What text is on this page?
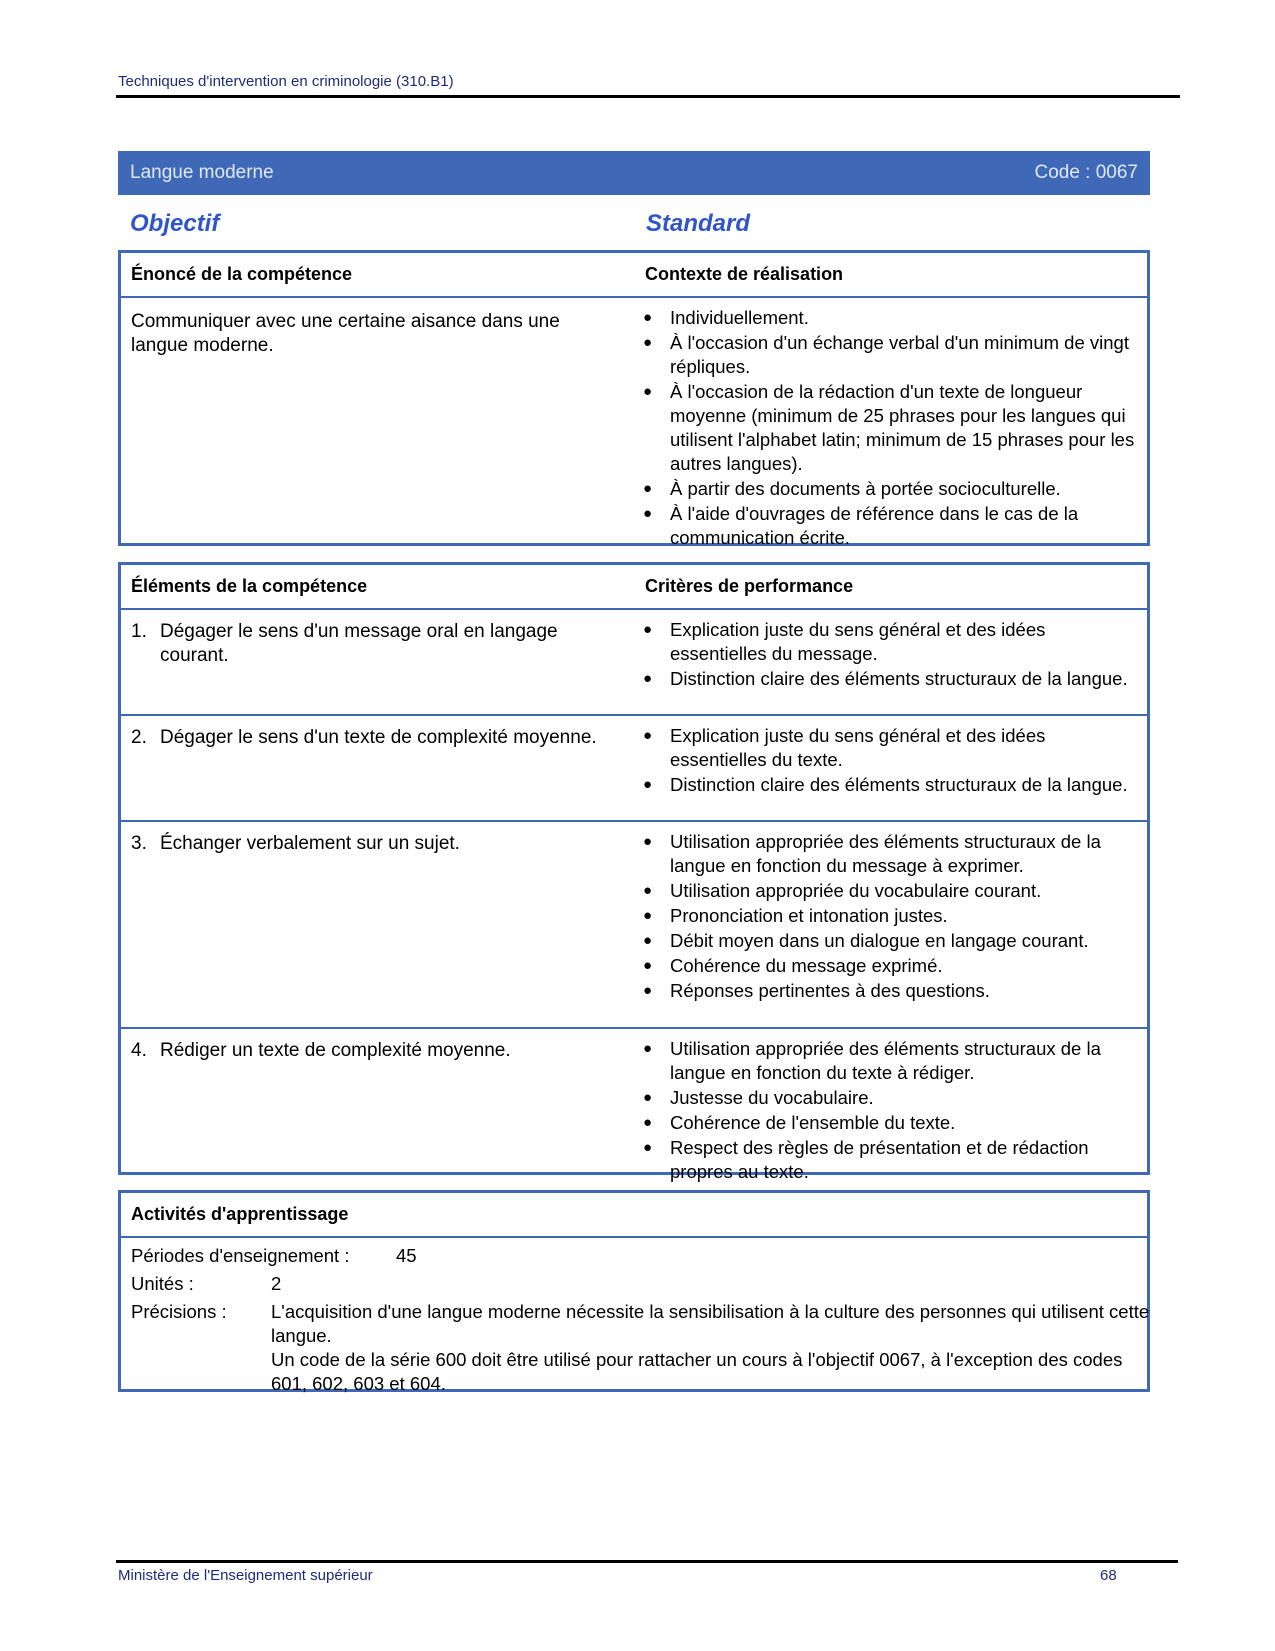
Techniques d'intervention en criminologie (310.B1)
Langue moderne	Code : 0067
Objectif	Standard
Énoncé de la compétence	Contexte de réalisation
Communiquer avec une certaine aisance dans une langue moderne.
● Individuellement.
● À l'occasion d'un échange verbal d'un minimum de vingt répliques.
● À l'occasion de la rédaction d'un texte de longueur moyenne (minimum de 25 phrases pour les langues qui utilisent l'alphabet latin; minimum de 15 phrases pour les autres langues).
● À partir des documents à portée socioculturelle.
● À l'aide d'ouvrages de référence dans le cas de la communication écrite.
Éléments de la compétence	Critères de performance
1. Dégager le sens d'un message oral en langage courant.
● Explication juste du sens général et des idées essentielles du message.
● Distinction claire des éléments structuraux de la langue.
2. Dégager le sens d'un texte de complexité moyenne.	● Explication juste du sens général et des idées essentielles du texte.
● Distinction claire des éléments structuraux de la langue.
3. Échanger verbalement sur un sujet.	● Utilisation appropriée des éléments structuraux de la langue en fonction du message à exprimer.
● Utilisation appropriée du vocabulaire courant.
● Prononciation et intonation justes.
● Débit moyen dans un dialogue en langage courant.
● Cohérence du message exprimé.
● Réponses pertinentes à des questions.
4. Rédiger un texte de complexité moyenne.	● Utilisation appropriée des éléments structuraux de la langue en fonction du texte à rédiger.
● Justesse du vocabulaire.
● Cohérence de l'ensemble du texte.
● Respect des règles de présentation et de rédaction propres au texte.
Activités d'apprentissage
Périodes d'enseignement :	45
Unités :	2
Précisions : L'acquisition d'une langue moderne nécessite la sensibilisation à la culture des personnes qui utilisent cette langue.
Un code de la série 600 doit être utilisé pour rattacher un cours à l'objectif 0067, à l'exception des codes 601, 602, 603 et 604.
Ministère de l'Enseignement supérieur	68
